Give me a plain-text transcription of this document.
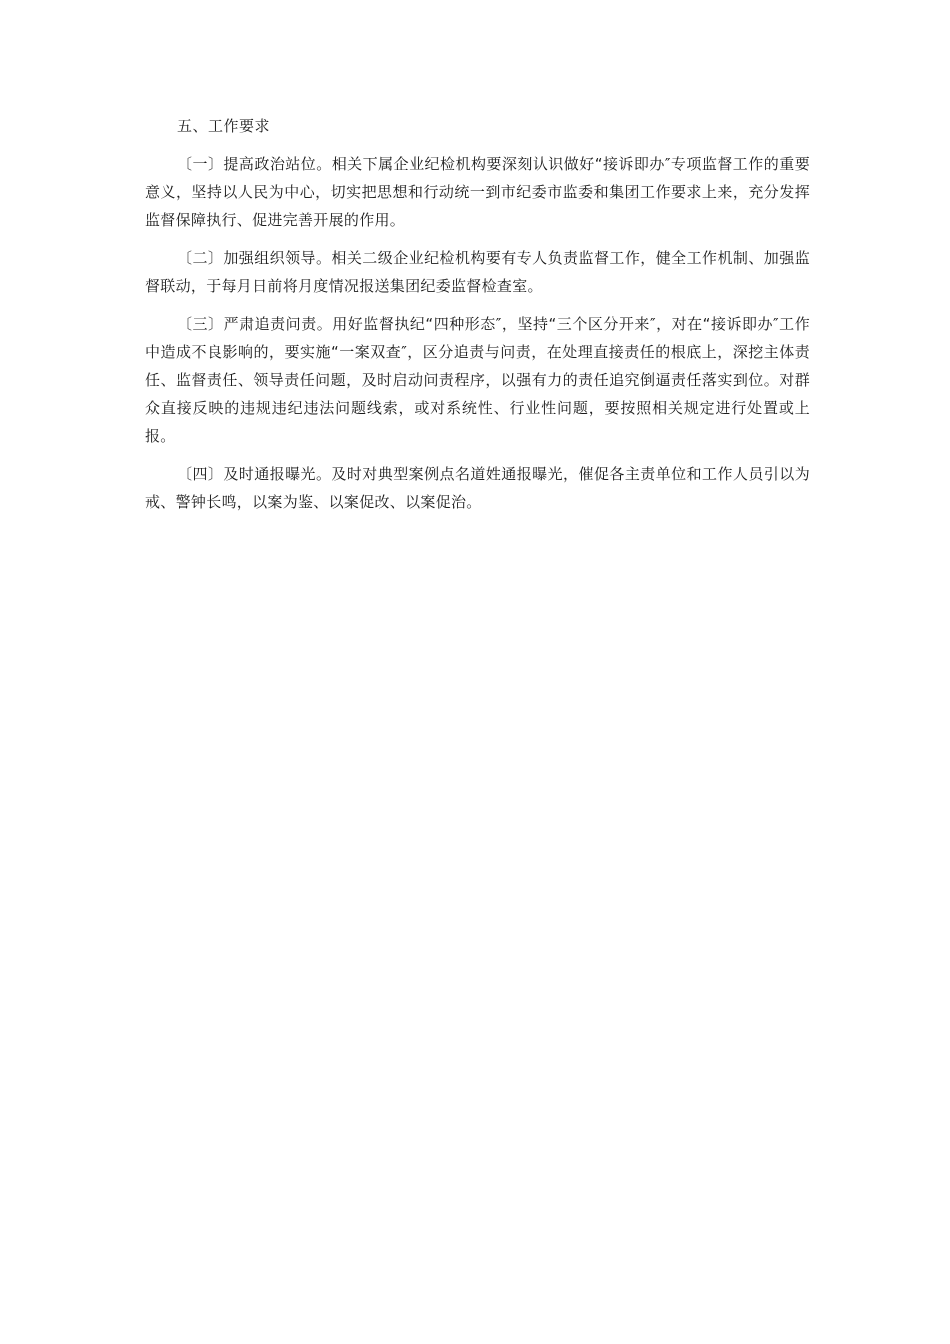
五、工作要求

〔一〕提高政治站位。相关下属企业纪检机构要深刻认识做好“接诉即办″专项监督工作的重要意义，坚持以人民为中心，切实把思想和行动统一到市纪委市监委和集团工作要求上来，充分发挥监督保障执行、促进完善开展的作用。

〔二〕加强组织领导。相关二级企业纪检机构要有专人负责监督工作，健全工作机制、加强监督联动，于每月日前将月度情况报送集团纪委监督检查室。

〔三〕严肃追责问责。用好监督执纪“四种形态″，坚持“三个区分开来″，对在“接诉即办″工作中造成不良影响的，要实施“一案双查″，区分追责与问责，在处理直接责任的根底上，深挖主体责任、监督责任、领导责任问题，及时启动问责程序，以强有力的责任追究倒逼责任落实到位。对群众直接反映的违规违纪违法问题线索，或对系统性、行业性问题，要按照相关规定进行处置或上报。

〔四〕及时通报曝光。及时对典型案例点名道姓通报曝光，催促各主责单位和工作人员引以为戒、警钟长鸣，以案为鉴、以案促改、以案促治。
